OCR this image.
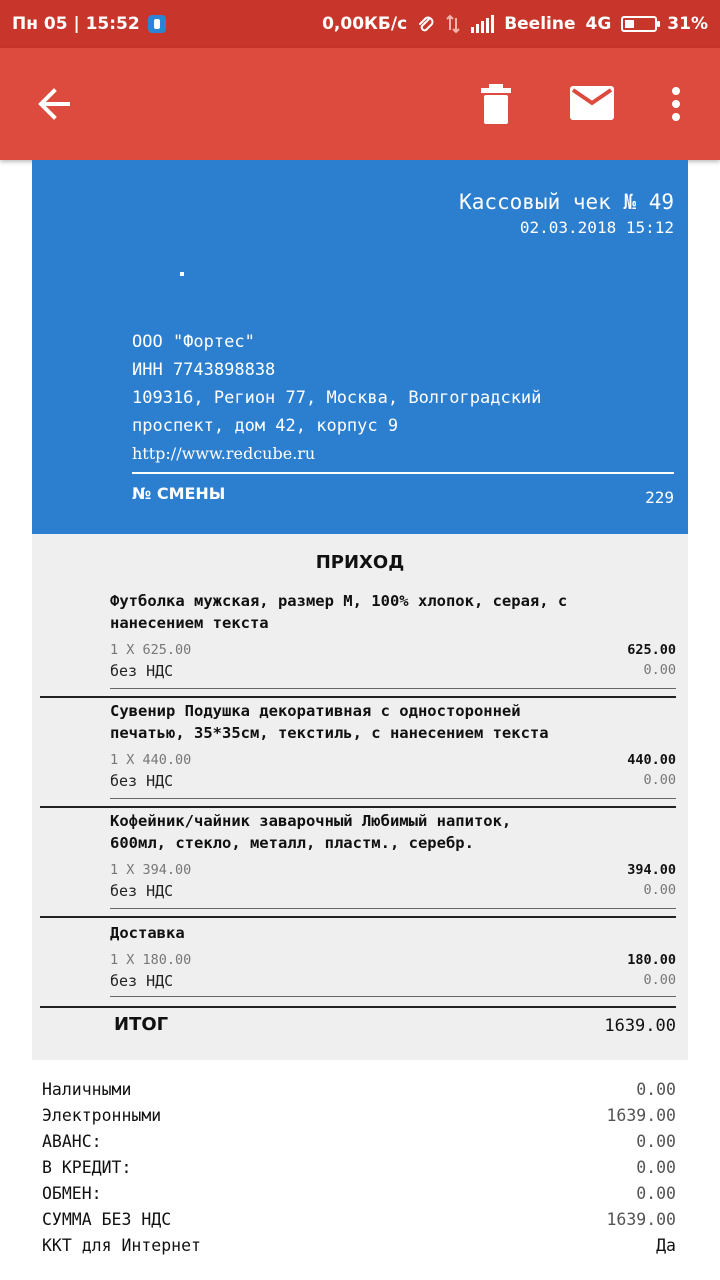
Пн 05 | 15:52	0,00КБ/с	Beeline 4G	31%
Кассовый чек № 49
02.03.2018 15:12
ООО "Фортес"
ИНН 7743898838
109316, Регион 77, Москва, Волгоградский
проспект, дом 42, корпус 9
http://www.redcube.ru
№ СМЕНЫ	229
ПРИХОД
Футболка мужская, размер M, 100% хлопок, серая, с
нанесением текста
1 X 625.00	625.00
без НДС	0.00
Сувенир Подушка декоративная с односторонней
печатью, 35*35см, текстиль, с нанесением текста
1 X 440.00	440.00
без НДС	0.00
Кофейник/чайник заварочный Любимый напиток,
600мл, стекло, металл, пластм., серебр.
1 X 394.00	394.00
без НДС	0.00
Доставка
1 X 180.00	180.00
без НДС	0.00
ИТОГ	1639.00
Наличными	0.00
Электронными	1639.00
АВАНС:	0.00
В КРЕДИТ:	0.00
ОБМЕН:	0.00
СУММА БЕЗ НДС	1639.00
ККТ для Интернет	Да
